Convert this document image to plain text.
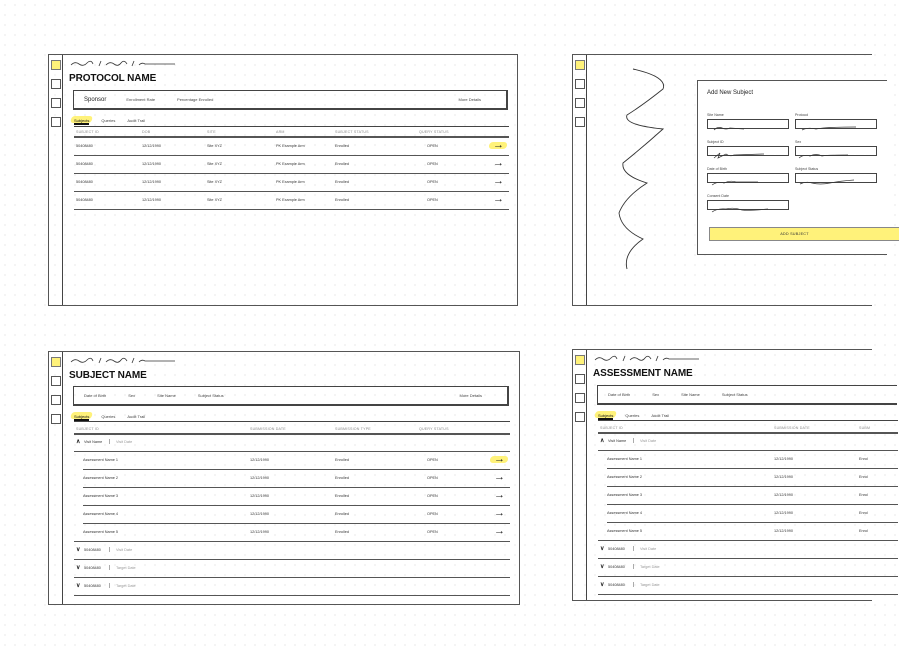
PROTOCOL NAME
Sponsor	Enrollment Rate	Percentage Enrolled	More Details
Subjects	Queries	Audit Trail
SUBJECT ID	DOB	SITE	ARM	SUBJECT STATUS	QUERY STATUS
50408480	12/12/1990	Site XYZ	PK Example Arm	Enrolled	OPEN	→
50408480	12/12/1990	Site XYZ	PK Example Arm	Enrolled	OPEN	→
50408480	12/12/1990	Site XYZ	PK Example Arm	Enrolled	OPEN	→
50408480	12/12/1990	Site XYZ	PK Example Arm	Enrolled	OPEN	→
Add New Subject
Site Name	Protocol
Subject ID	Sex
Date of Birth	Subject Status
Consent Date
ADD SUBJECT
SUBJECT NAME
Date of Birth	Sex	Site Name	Subject Status	More Details
Subjects	Queries	Audit Trail
SUBJECT ID	SUBMISSION DATE	SUBMISSION TYPE	QUERY STATUS
∧ Visit Name | Visit Date
Assessment Name 1	12/12/1990	Enrolled	OPEN	→
Assessment Name 2	12/12/1990	Enrolled	OPEN	→
Assessment Name 3	12/12/1990	Enrolled	OPEN	→
Assessment Name 4	12/12/1990	Enrolled	OPEN	→
Assessment Name 5	12/12/1990	Enrolled	OPEN	→
∨ 50408480 | Visit Date
∨ 50408480 | Target Date
∨ 50408480 | Target Date
ASSESSMENT NAME
Date of Birth	Sex	Site Name	Subject Status
Subjects	Queries	Audit Trail
SUBJECT ID	SUBMISSION DATE	SUBM
∧ Visit Name | Visit Date
Assessment Name 1	12/12/1990	Enrol
Assessment Name 2	12/12/1990	Enrol
Assessment Name 3	12/12/1990	Enrol
Assessment Name 4	12/12/1990	Enrol
Assessment Name 5	12/12/1990	Enrol
∨ 50408480 | Visit Date
∨ 50408480 | Target Date
∨ 50408480 | Target Date
